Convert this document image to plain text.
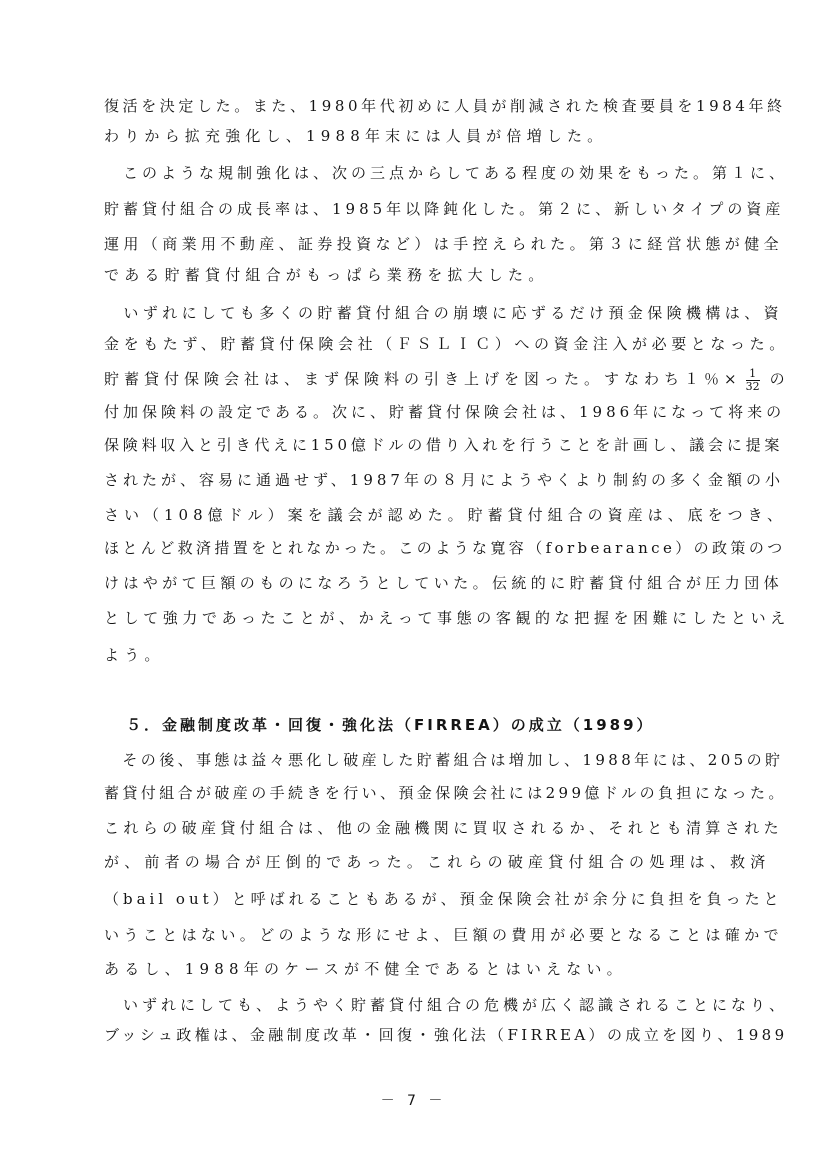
復活を決定した。また、1980年代初めに人員が削減された検査要員を1984年終
わりから拡充強化し、1988年末には人員が倍増した。
　このような規制強化は、次の三点からしてある程度の効果をもった。第１に、
貯蓄貸付組合の成長率は、1985年以降鈍化した。第２に、新しいタイプの資産
運用（商業用不動産、証券投資など）は手控えられた。第３に経営状態が健全
である貯蓄貸付組合がもっぱら業務を拡大した。
　いずれにしても多くの貯蓄貸付組合の崩壊に応ずるだけ預金保険機構は、資
金をもたず、貯蓄貸付保険会社（ＦＳＬＩＣ）への資金注入が必要となった。
貯蓄貸付保険会社は、まず保険料の引き上げを図った。すなわち１％× $\frac{1}{32}$ の
付加保険料の設定である。次に、貯蓄貸付保険会社は、1986年になって将来の
保険料収入と引き代えに150億ドルの借り入れを行うことを計画し、議会に提案
されたが、容易に通過せず、1987年の８月にようやくより制約の多く金額の小
さい（108億ドル）案を議会が認めた。貯蓄貸付組合の資産は、底をつき、
ほとんど救済措置をとれなかった。このような寛容（forbearance）の政策のつ
けはやがて巨額のものになろうとしていた。伝統的に貯蓄貸付組合が圧力団体
として強力であったことが、かえって事態の客観的な把握を困難にしたといえ
よう。
５．金融制度改革・回復・強化法（FIRREA）の成立（1989）
　その後、事態は益々悪化し破産した貯蓄組合は増加し、1988年には、205の貯
蓄貸付組合が破産の手続きを行い、預金保険会社には299億ドルの負担になった。
これらの破産貸付組合は、他の金融機関に買収されるか、それとも清算された
が、前者の場合が圧倒的であった。これらの破産貸付組合の処理は、救済
（bail out）と呼ばれることもあるが、預金保険会社が余分に負担を負ったと
いうことはない。どのような形にせよ、巨額の費用が必要となることは確かで
あるし、1988年のケースが不健全であるとはいえない。
　いずれにしても、ようやく貯蓄貸付組合の危機が広く認識されることになり、
ブッシュ政権は、金融制度改革・回復・強化法（FIRREA）の成立を図り、1989
－ 7 －
